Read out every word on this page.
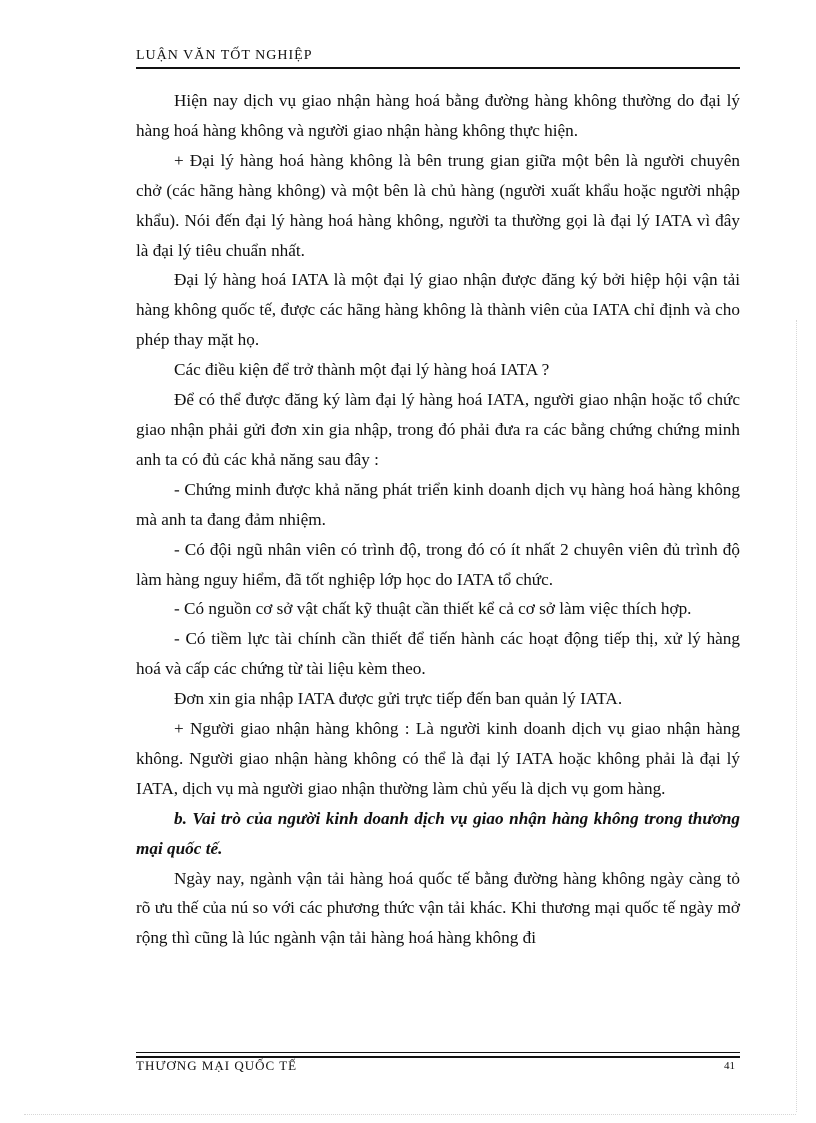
LUẬN VĂN TỐT NGHIỆP

Hiện nay dịch vụ giao nhận hàng hoá bằng đường hàng không thường do đại lý hàng hoá hàng không và người giao nhận hàng không thực hiện.

+ Đại lý hàng hoá hàng không là bên trung gian giữa một bên là người chuyên chở (các hãng hàng không) và một bên là chủ hàng (người xuất khẩu hoặc người nhập khẩu). Nói đến đại lý hàng hoá hàng không, người ta thường gọi là đại lý IATA vì đây là đại lý tiêu chuẩn nhất.

Đại lý hàng hoá IATA là một đại lý giao nhận được đăng ký bởi hiệp hội vận tải hàng không quốc tế, được các hãng hàng không là thành viên của IATA chỉ định và cho phép thay mặt họ.

Các điều kiện để trở thành một đại lý hàng hoá IATA ?

Để có thể được đăng ký làm đại lý hàng hoá IATA, người giao nhận hoặc tổ chức giao nhận phải gửi đơn xin gia nhập, trong đó phải đưa ra các bằng chứng chứng minh anh ta có đủ các khả năng sau đây :

- Chứng minh được khả năng phát triển kinh doanh dịch vụ hàng hoá hàng không mà anh ta đang đảm nhiệm.

- Có đội ngũ nhân viên có trình độ, trong đó có ít nhất 2 chuyên viên đủ trình độ làm hàng nguy hiểm, đã tốt nghiệp lớp học do IATA tổ chức.

- Có nguồn cơ sở vật chất kỹ thuật cần thiết kể cả cơ sở làm việc thích hợp.

- Có tiềm lực tài chính cần thiết để tiến hành các hoạt động tiếp thị, xử lý hàng hoá và cấp các chứng từ tài liệu kèm theo.

Đơn xin gia nhập IATA được gửi trực tiếp đến ban quản lý IATA.

+ Người giao nhận hàng không : Là người kinh doanh dịch vụ giao nhận hàng không. Người giao nhận hàng không có thể là đại lý IATA hoặc không phải là đại lý IATA, dịch vụ mà người giao nhận thường làm chủ yếu là dịch vụ gom hàng.

b. Vai trò của người kinh doanh dịch vụ giao nhận hàng không trong thương mại quốc tế.

Ngày nay, ngành vận tải hàng hoá quốc tế bằng đường hàng không ngày càng tỏ rõ ưu thế của nú so với các phương thức vận tải khác. Khi thương mại quốc tế ngày mở rộng thì cũng là lúc ngành vận tải hàng hoá hàng không đi

THƯƠNG MẠI QUỐC TẾ	41
